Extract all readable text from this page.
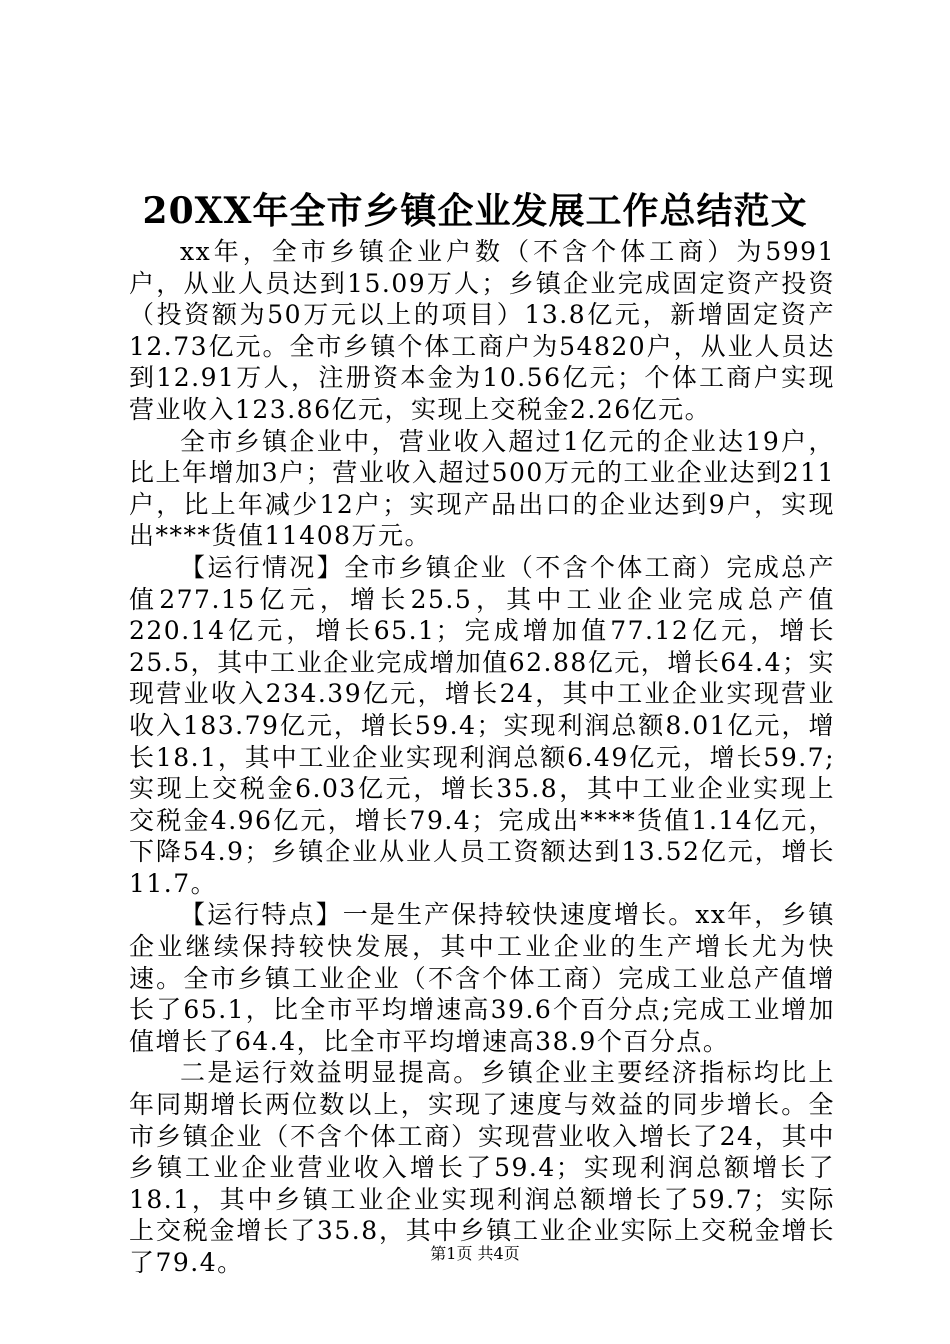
20XX年全市乡镇企业发展工作总结范文

xx年，全市乡镇企业户数（不含个体工商）为5991户，从业人员达到15.09万人；乡镇企业完成固定资产投资（投资额为50万元以上的项目）13.8亿元，新增固定资产12.73亿元。全市乡镇个体工商户为54820户，从业人员达到12.91万人，注册资本金为10.56亿元；个体工商户实现营业收入123.86亿元，实现上交税金2.26亿元。

全市乡镇企业中，营业收入超过1亿元的企业达19户，比上年增加3户；营业收入超过500万元的工业企业达到211户，比上年减少12户；实现产品出口的企业达到9户，实现出****货值11408万元。

【运行情况】全市乡镇企业（不含个体工商）完成总产值277.15亿元，增长25.5，其中工业企业完成总产值220.14亿元，增长65.1；完成增加值77.12亿元，增长25.5，其中工业企业完成增加值62.88亿元，增长64.4；实现营业收入234.39亿元，增长24，其中工业企业实现营业收入183.79亿元，增长59.4；实现利润总额8.01亿元，增长18.1，其中工业企业实现利润总额6.49亿元，增长59.7;实现上交税金6.03亿元，增长35.8，其中工业企业实现上交税金4.96亿元，增长79.4；完成出****货值1.14亿元，下降54.9；乡镇企业从业人员工资额达到13.52亿元，增长11.7。

【运行特点】一是生产保持较快速度增长。xx年，乡镇企业继续保持较快发展，其中工业企业的生产增长尤为快速。全市乡镇工业企业（不含个体工商）完成工业总产值增长了65.1，比全市平均增速高39.6个百分点;完成工业增加值增长了64.4，比全市平均增速高38.9个百分点。

二是运行效益明显提高。乡镇企业主要经济指标均比上年同期增长两位数以上，实现了速度与效益的同步增长。全市乡镇企业（不含个体工商）实现营业收入增长了24，其中乡镇工业企业营业收入增长了59.4；实现利润总额增长了18.1，其中乡镇工业企业实现利润总额增长了59.7；实际上交税金增长了35.8，其中乡镇工业企业实际上交税金增长了79.4。	第1页 共4页
